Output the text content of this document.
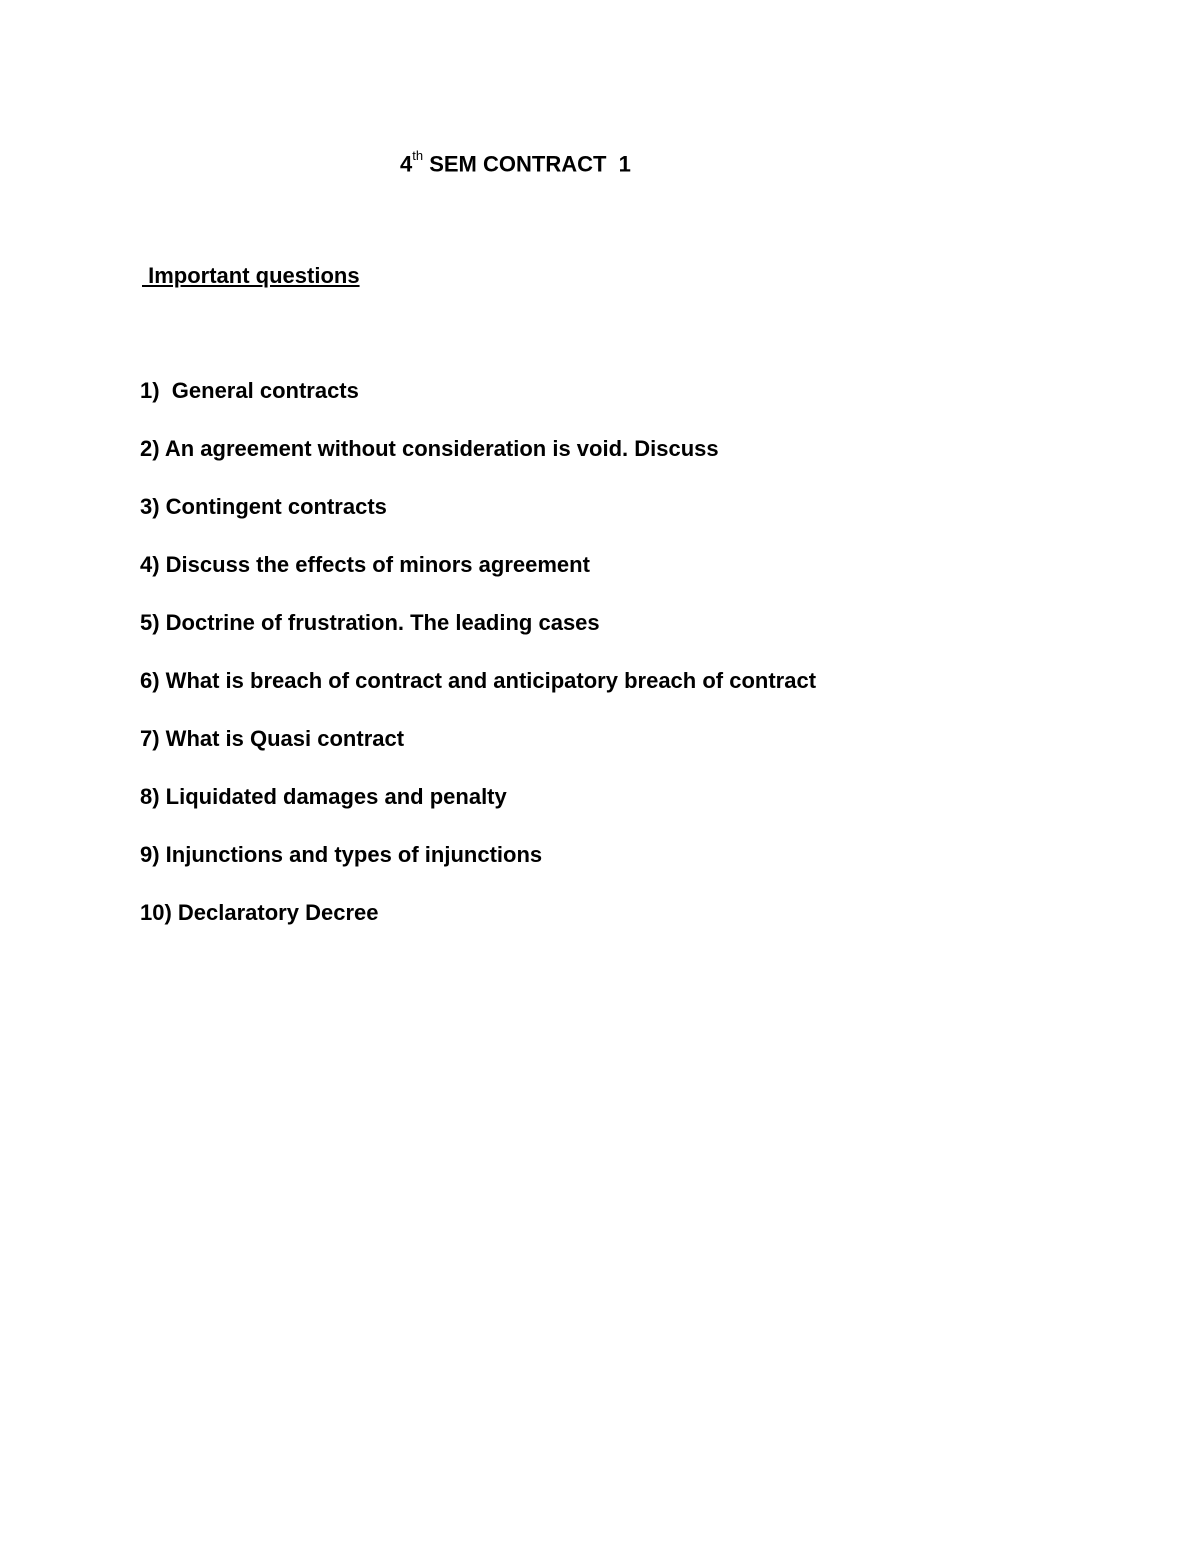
4th SEM CONTRACT  1
Important questions
1)  General contracts
2) An agreement without consideration is void. Discuss
3) Contingent contracts
4) Discuss the effects of minors agreement
5) Doctrine of frustration. The leading cases
6) What is breach of contract and anticipatory breach of contract
7) What is Quasi contract
8) Liquidated damages and penalty
9) Injunctions and types of injunctions
10) Declaratory Decree
